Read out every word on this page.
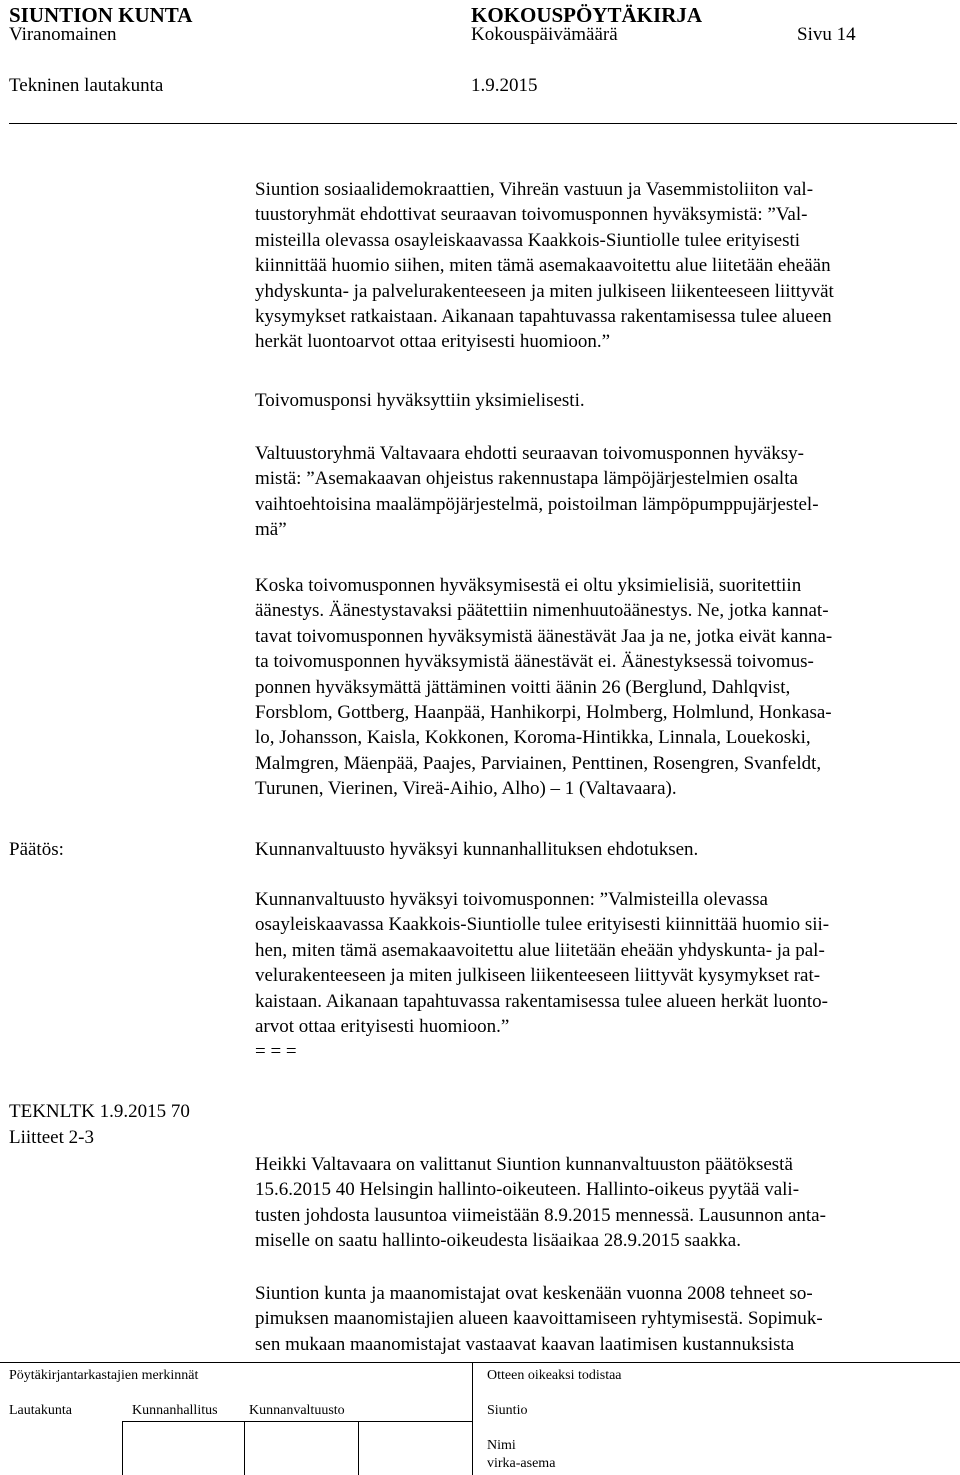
SIUNTION KUNTA	KOKOUSPÖYTÄKIRJA
Viranomainen	Kokouspäivämäärä	Sivu 14
Tekninen lautakunta	1.9.2015
Siuntion sosiaalidemokraattien, Vihreän vastuun ja Vasemmistoliiton val-
tuustoryhmät ehdottivat seuraavan toivomusponnen hyväksymistä: ”Val-
misteilla olevassa osayleiskaavassa Kaakkois-Siuntiolle tulee erityisesti
kiinnittää huomio siihen, miten tämä asemakaavoitettu alue liitetään eheään
yhdyskunta- ja palvelurakenteeseen ja miten julkiseen liikenteeseen liittyvät
kysymykset ratkaistaan. Aikanaan tapahtuvassa rakentamisessa tulee alueen
herkät luontoarvot ottaa erityisesti huomioon.”
Toivomusponsi hyväksyttiin yksimielisesti.
Valtuustoryhmä Valtavaara ehdotti seuraavan toivomusponnen hyväksy-
mistä: ”Asemakaavan ohjeistus rakennustapa lämpöjärjestelmien osalta
vaihtoehtoisina maalämpöjärjestelmä, poistoilman lämpöpumppujärjestel-
mä”
Koska toivomusponnen hyväksymisestä ei oltu yksimielisiä, suoritettiin
äänestys. Äänestystavaksi päätettiin nimenhuutoäänestys. Ne, jotka kannat-
tavat toivomusponnen hyväksymistä äänestävät Jaa ja ne, jotka eivät kanna-
ta toivomusponnen hyväksymistä äänestävät ei. Äänestyksessä toivomus-
ponnen hyväksymättä jättäminen voitti äänin 26 (Berglund, Dahlqvist,
Forsblom, Gottberg, Haanpää, Hanhikorpi, Holmberg, Holmlund, Honkasa-
lo, Johansson, Kaisla, Kokkonen, Koroma-Hintikka, Linnala, Louekoski,
Malmgren, Mäenpää, Paajes, Parviainen, Penttinen, Rosengren, Svanfeldt,
Turunen, Vierinen, Vireä-Aihio, Alho) – 1 (Valtavaara).
Päätös:	Kunnanvaltuusto hyväksyi kunnanhallituksen ehdotuksen.
Kunnanvaltuusto hyväksyi toivomusponnen: ”Valmisteilla olevassa
osayleiskaavassa Kaakkois-Siuntiolle tulee erityisesti kiinnittää huomio sii-
hen, miten tämä asemakaavoitettu alue liitetään eheään yhdyskunta- ja pal-
velurakenteeseen ja miten julkiseen liikenteeseen liittyvät kysymykset rat-
kaistaan. Aikanaan tapahtuvassa rakentamisessa tulee alueen herkät luonto-
arvot ottaa erityisesti huomioon.”
= = =
TEKNLTK 1.9.2015 70
Liitteet 2-3
Heikki Valtavaara on valittanut Siuntion kunnanvaltuuston päätöksestä
15.6.2015 40 Helsingin hallinto-oikeuteen. Hallinto-oikeus pyytää vali-
tusten johdosta lausuntoa viimeistään 8.9.2015 mennessä. Lausunnon anta-
miselle on saatu hallinto-oikeudesta lisäaikaa 28.9.2015 saakka.
Siuntion kunta ja maanomistajat ovat keskenään vuonna 2008 tehneet so-
pimuksen maanomistajien alueen kaavoittamiseen ryhtymisestä. Sopimuk-
sen mukaan maanomistajat vastaavat kaavan laatimisen kustannuksista
Pöytäkirjantarkastajien merkinnät
Lautakunta	Kunnanhallitus Kunnanvaltuusto
Otteen oikeaksi todistaa
Siuntio
Nimi
virka-asema
